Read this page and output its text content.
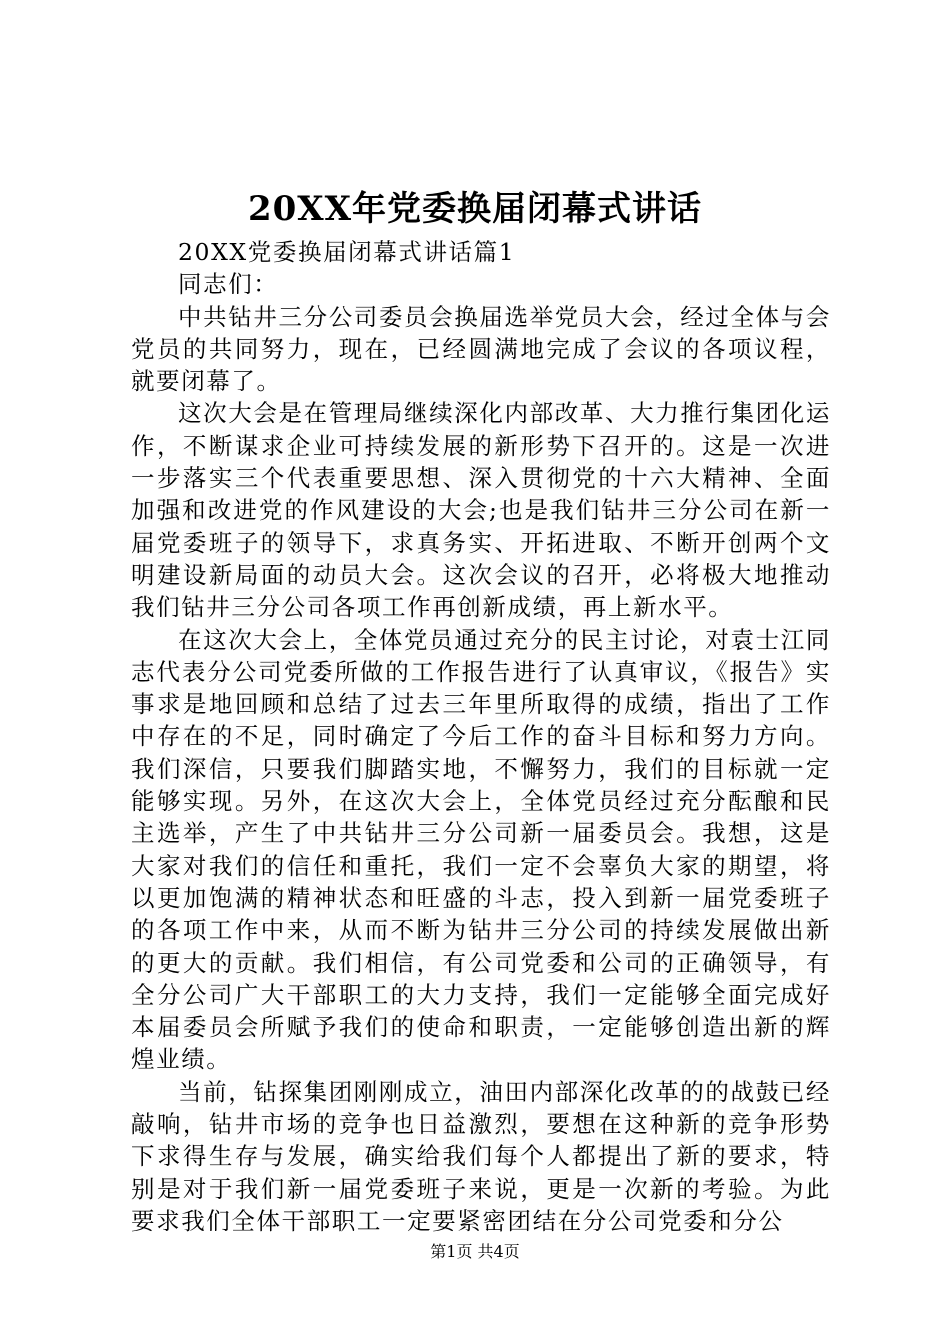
20XX年党委换届闭幕式讲话

20XX党委换届闭幕式讲话篇1

同志们：

中共钻井三分公司委员会换届选举党员大会，经过全体与会党员的共同努力，现在，已经圆满地完成了会议的各项议程，就要闭幕了。

这次大会是在管理局继续深化内部改革、大力推行集团化运作，不断谋求企业可持续发展的新形势下召开的。这是一次进一步落实三个代表重要思想、深入贯彻党的十六大精神、全面加强和改进党的作风建设的大会;也是我们钻井三分公司在新一届党委班子的领导下，求真务实、开拓进取、不断开创两个文明建设新局面的动员大会。这次会议的召开，必将极大地推动我们钻井三分公司各项工作再创新成绩，再上新水平。

在这次大会上，全体党员通过充分的民主讨论，对袁士江同志代表分公司党委所做的工作报告进行了认真审议，《报告》实事求是地回顾和总结了过去三年里所取得的成绩，指出了工作中存在的不足，同时确定了今后工作的奋斗目标和努力方向。我们深信，只要我们脚踏实地，不懈努力，我们的目标就一定能够实现。另外，在这次大会上，全体党员经过充分酝酿和民主选举，产生了中共钻井三分公司新一届委员会。我想，这是大家对我们的信任和重托，我们一定不会辜负大家的期望，将以更加饱满的精神状态和旺盛的斗志，投入到新一届党委班子的各项工作中来，从而不断为钻井三分公司的持续发展做出新的更大的贡献。我们相信，有公司党委和公司的正确领导，有全分公司广大干部职工的大力支持，我们一定能够全面完成好本届委员会所赋予我们的使命和职责，一定能够创造出新的辉煌业绩。

当前，钻探集团刚刚成立，油田内部深化改革的的战鼓已经敲响，钻井市场的竞争也日益激烈，要想在这种新的竞争形势下求得生存与发展，确实给我们每个人都提出了新的要求，特别是对于我们新一届党委班子来说，更是一次新的考验。为此要求我们全体干部职工一定要紧密团结在分公司党委和分公

第1页 共4页
